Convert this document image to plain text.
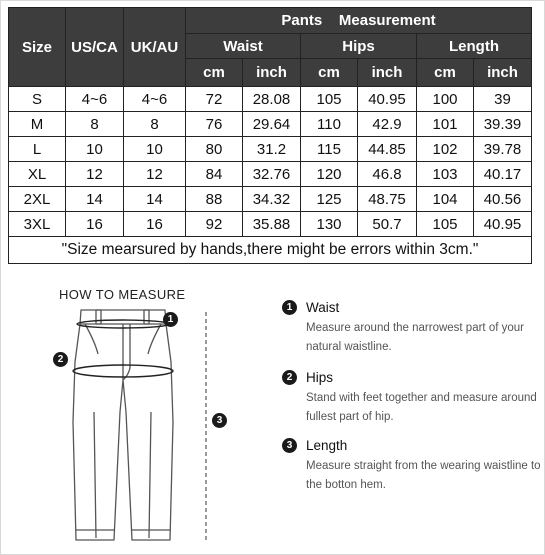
Size	US/CA	UK/AU	Pants    Measurement					
			Waist		Hips		Length	
			cm	inch	cm	inch	cm	inch
S	4~6	4~6	72	28.08	105	40.95	100	39
M	8	8	76	29.64	110	42.9	101	39.39
L	10	10	80	31.2	115	44.85	102	39.78
XL	12	12	84	32.76	120	46.8	103	40.17
2XL	14	14	88	34.32	125	48.75	104	40.56
3XL	16	16	92	35.88	130	50.7	105	40.95
"Size mearsured by hands,there might be errors within 3cm."								
HOW TO MEASURE
1
2
3
1	Waist
Measure around the narrowest part of your natural waistline.
2	Hips
Stand with feet together and measure around fullest part of hip.
3	Length
Measure straight from the wearing waistline to the botton hem.
